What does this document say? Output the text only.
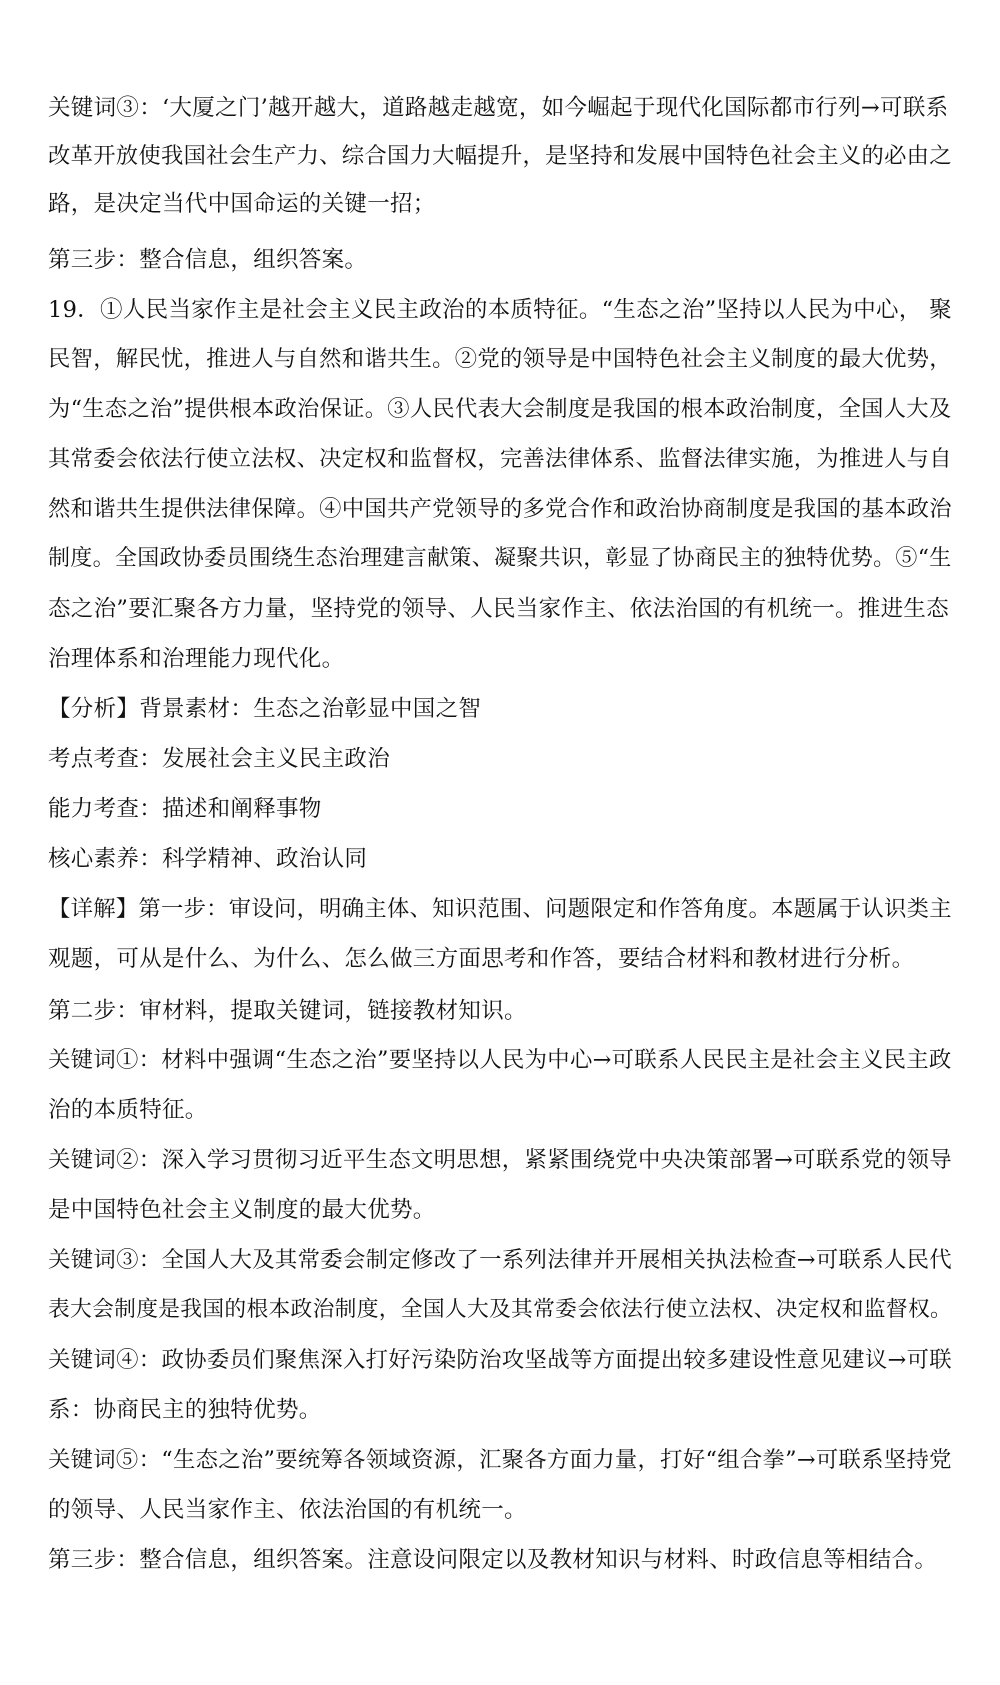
关键词③：‘大厦之门’越开越大，道路越走越宽，如今崛起于现代化国际都市行列→可联系
改革开放使我国社会生产力、综合国力大幅提升，是坚持和发展中国特色社会主义的必由之
路，是决定当代中国命运的关键一招；
第三步：整合信息，组织答案。
19．①人民当家作主是社会主义民主政治的本质特征。“生态之治”坚持以人民为中心， 聚
民智，解民忧，推进人与自然和谐共生。②党的领导是中国特色社会主义制度的最大优势，
为“生态之治”提供根本政治保证。③人民代表大会制度是我国的根本政治制度，全国人大及
其常委会依法行使立法权、决定权和监督权，完善法律体系、监督法律实施，为推进人与自
然和谐共生提供法律保障。④中国共产党领导的多党合作和政治协商制度是我国的基本政治
制度。全国政协委员围绕生态治理建言献策、凝聚共识，彰显了协商民主的独特优势。⑤“生
态之治”要汇聚各方力量，坚持党的领导、人民当家作主、依法治国的有机统一。推进生态
治理体系和治理能力现代化。
【分析】背景素材：生态之治彰显中国之智
考点考查：发展社会主义民主政治
能力考查：描述和阐释事物
核心素养：科学精神、政治认同
【详解】第一步：审设问，明确主体、知识范围、问题限定和作答角度。本题属于认识类主
观题，可从是什么、为什么、怎么做三方面思考和作答，要结合材料和教材进行分析。
第二步：审材料，提取关键词，链接教材知识。
关键词①：材料中强调“生态之治”要坚持以人民为中心→可联系人民民主是社会主义民主政
治的本质特征。
关键词②：深入学习贯彻习近平生态文明思想，紧紧围绕党中央决策部署→可联系党的领导
是中国特色社会主义制度的最大优势。
关键词③：全国人大及其常委会制定修改了一系列法律并开展相关执法检查→可联系人民代
表大会制度是我国的根本政治制度，全国人大及其常委会依法行使立法权、决定权和监督权。
关键词④：政协委员们聚焦深入打好污染防治攻坚战等方面提出较多建设性意见建议→可联
系：协商民主的独特优势。
关键词⑤：“生态之治”要统筹各领域资源，汇聚各方面力量，打好“组合拳”→可联系坚持党
的领导、人民当家作主、依法治国的有机统一。
第三步：整合信息，组织答案。注意设问限定以及教材知识与材料、时政信息等相结合。
